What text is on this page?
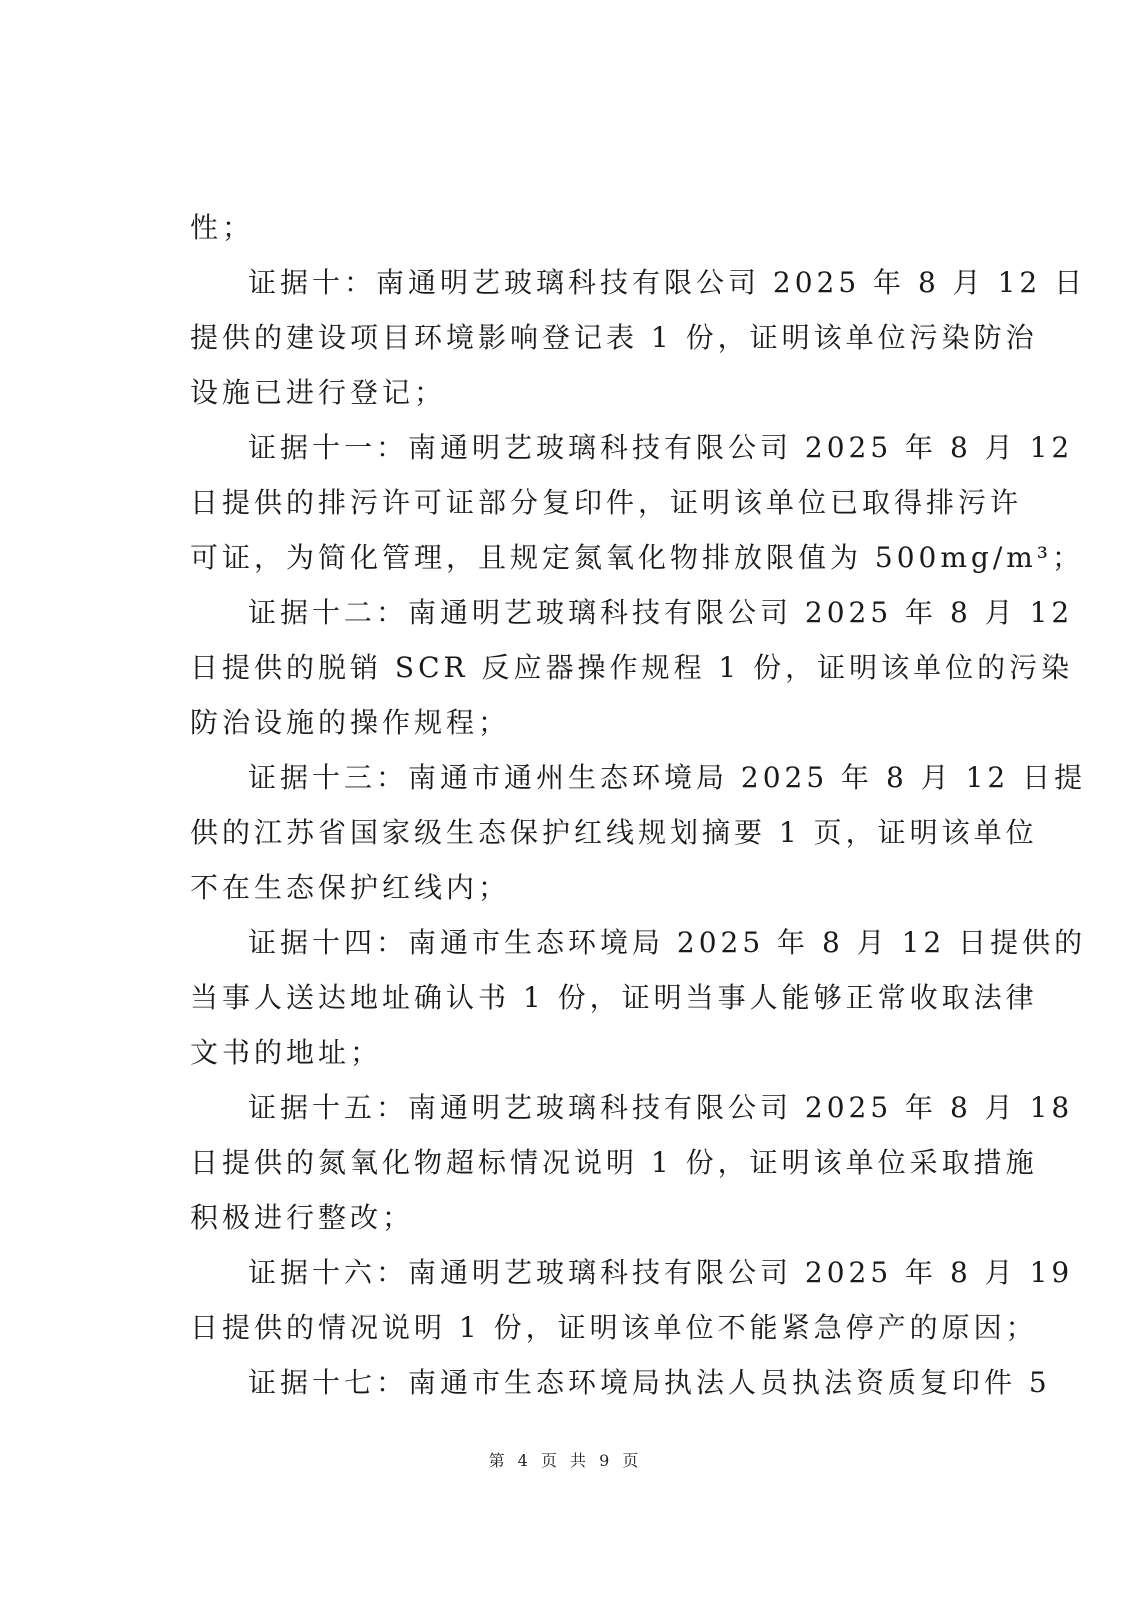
性；
证据十：南通明艺玻璃科技有限公司 2025 年 8 月 12 日
提供的建设项目环境影响登记表 1 份，证明该单位污染防治
设施已进行登记；
证据十一：南通明艺玻璃科技有限公司 2025 年 8 月 12
日提供的排污许可证部分复印件，证明该单位已取得排污许
可证，为简化管理，且规定氮氧化物排放限值为 500mg/m³；
证据十二：南通明艺玻璃科技有限公司 2025 年 8 月 12
日提供的脱销 SCR 反应器操作规程 1 份，证明该单位的污染
防治设施的操作规程；
证据十三：南通市通州生态环境局 2025 年 8 月 12 日提
供的江苏省国家级生态保护红线规划摘要 1 页，证明该单位
不在生态保护红线内；
证据十四：南通市生态环境局 2025 年 8 月 12 日提供的
当事人送达地址确认书 1 份，证明当事人能够正常收取法律
文书的地址；
证据十五：南通明艺玻璃科技有限公司 2025 年 8 月 18
日提供的氮氧化物超标情况说明 1 份，证明该单位采取措施
积极进行整改；
证据十六：南通明艺玻璃科技有限公司 2025 年 8 月 19
日提供的情况说明 1 份，证明该单位不能紧急停产的原因；
证据十七：南通市生态环境局执法人员执法资质复印件 5
第 4 页 共 9 页
